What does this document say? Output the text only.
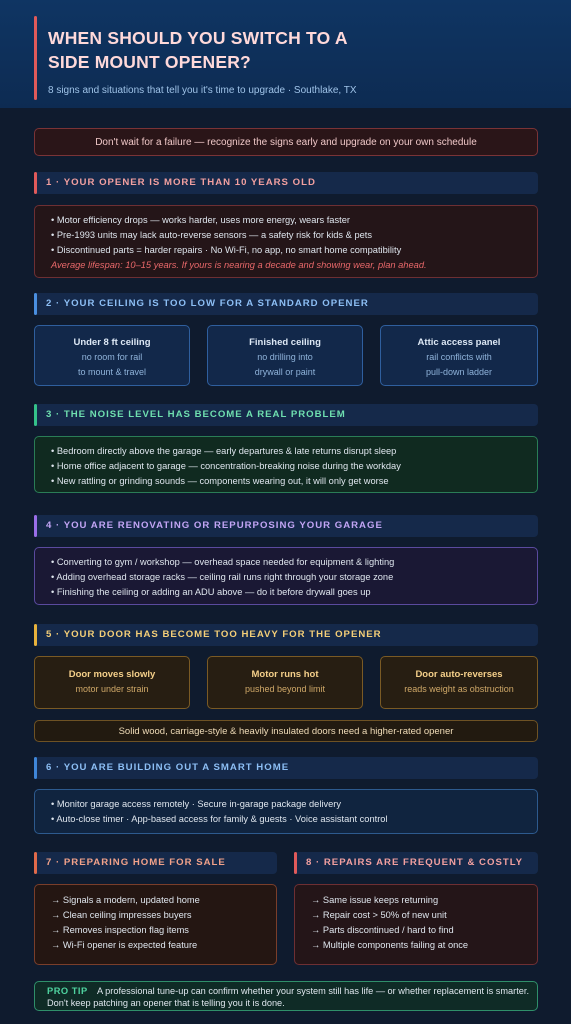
WHEN SHOULD YOU SWITCH TO A
SIDE MOUNT OPENER?
8 signs and situations that tell you it's time to upgrade · Southlake, TX
Don't wait for a failure — recognize the signs early and upgrade on your own schedule
1 · YOUR OPENER IS MORE THAN 10 YEARS OLD
• Motor efficiency drops — works harder, uses more energy, wears faster
• Pre-1993 units may lack auto-reverse sensors — a safety risk for kids & pets
• Discontinued parts = harder repairs · No Wi-Fi, no app, no smart home compatibility
Average lifespan: 10–15 years. If yours is nearing a decade and showing wear, plan ahead.
2 · YOUR CEILING IS TOO LOW FOR A STANDARD OPENER
Under 8 ft ceiling
no room for rail
to mount & travel
Finished ceiling
no drilling into
drywall or paint
Attic access panel
rail conflicts with
pull-down ladder
3 · THE NOISE LEVEL HAS BECOME A REAL PROBLEM
• Bedroom directly above the garage — early departures & late returns disrupt sleep
• Home office adjacent to garage — concentration-breaking noise during the workday
• New rattling or grinding sounds — components wearing out, it will only get worse
4 · YOU ARE RENOVATING OR REPURPOSING YOUR GARAGE
• Converting to gym / workshop — overhead space needed for equipment & lighting
• Adding overhead storage racks — ceiling rail runs right through your storage zone
• Finishing the ceiling or adding an ADU above — do it before drywall goes up
5 · YOUR DOOR HAS BECOME TOO HEAVY FOR THE OPENER
Door moves slowly
motor under strain
Motor runs hot
pushed beyond limit
Door auto-reverses
reads weight as obstruction
Solid wood, carriage-style & heavily insulated doors need a higher-rated opener
6 · YOU ARE BUILDING OUT A SMART HOME
• Monitor garage access remotely · Secure in-garage package delivery
• Auto-close timer · App-based access for family & guests · Voice assistant control
7 · PREPARING HOME FOR SALE
→ Signals a modern, updated home
→ Clean ceiling impresses buyers
→ Removes inspection flag items
→ Wi-Fi opener is expected feature
8 · REPAIRS ARE FREQUENT & COSTLY
→ Same issue keeps returning
→ Repair cost > 50% of new unit
→ Parts discontinued / hard to find
→ Multiple components failing at once
PRO TIP	A professional tune-up can confirm whether your system still has life — or whether replacement is smarter. Don't keep patching an opener that is telling you it is done.
